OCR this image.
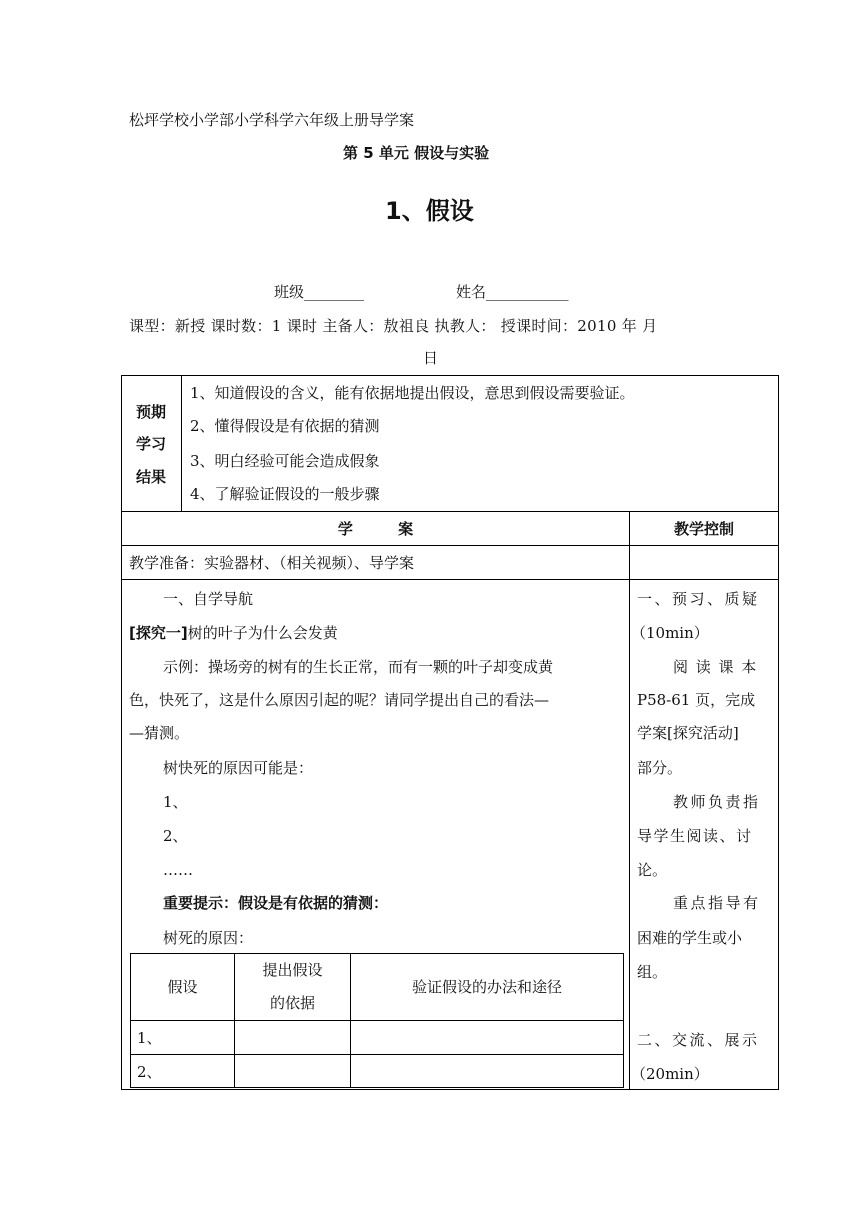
松坪学校小学部小学科学六年级上册导学案
第 5 单元 假设与实验
1、假设
班级________	姓名___________
课型：新授 课时数：1 课时 主备人：敖祖良 执教人： 授课时间：2010 年 月
日
预期
学习
结果
1、知道假设的含义，能有依据地提出假设，意思到假设需要验证。
2、懂得假设是有依据的猜测
3、明白经验可能会造成假象
4、了解验证假设的一般步骤
学 案	教学控制
教学准备：实验器材、（相关视频）、导学案
一、自学导航
[探究一]树的叶子为什么会发黄
示例：操场旁的树有的生长正常，而有一颗的叶子却变成黄
色，快死了，这是什么原因引起的呢？请同学提出自己的看法—
—猜测。
树快死的原因可能是：
1、
2、
……
重要提示：假设是有依据的猜测：
树死的原因：
假设
提出假设
的依据
验证假设的办法和途径
1、
2、
一、预习、质疑
（10min）
阅 读 课 本
P58-61 页，完成
学案[探究活动]
部分。
教师负责指
导学生阅读、讨
论。
重点指导有
困难的学生或小
组。
二、交流、展示
（20min）
